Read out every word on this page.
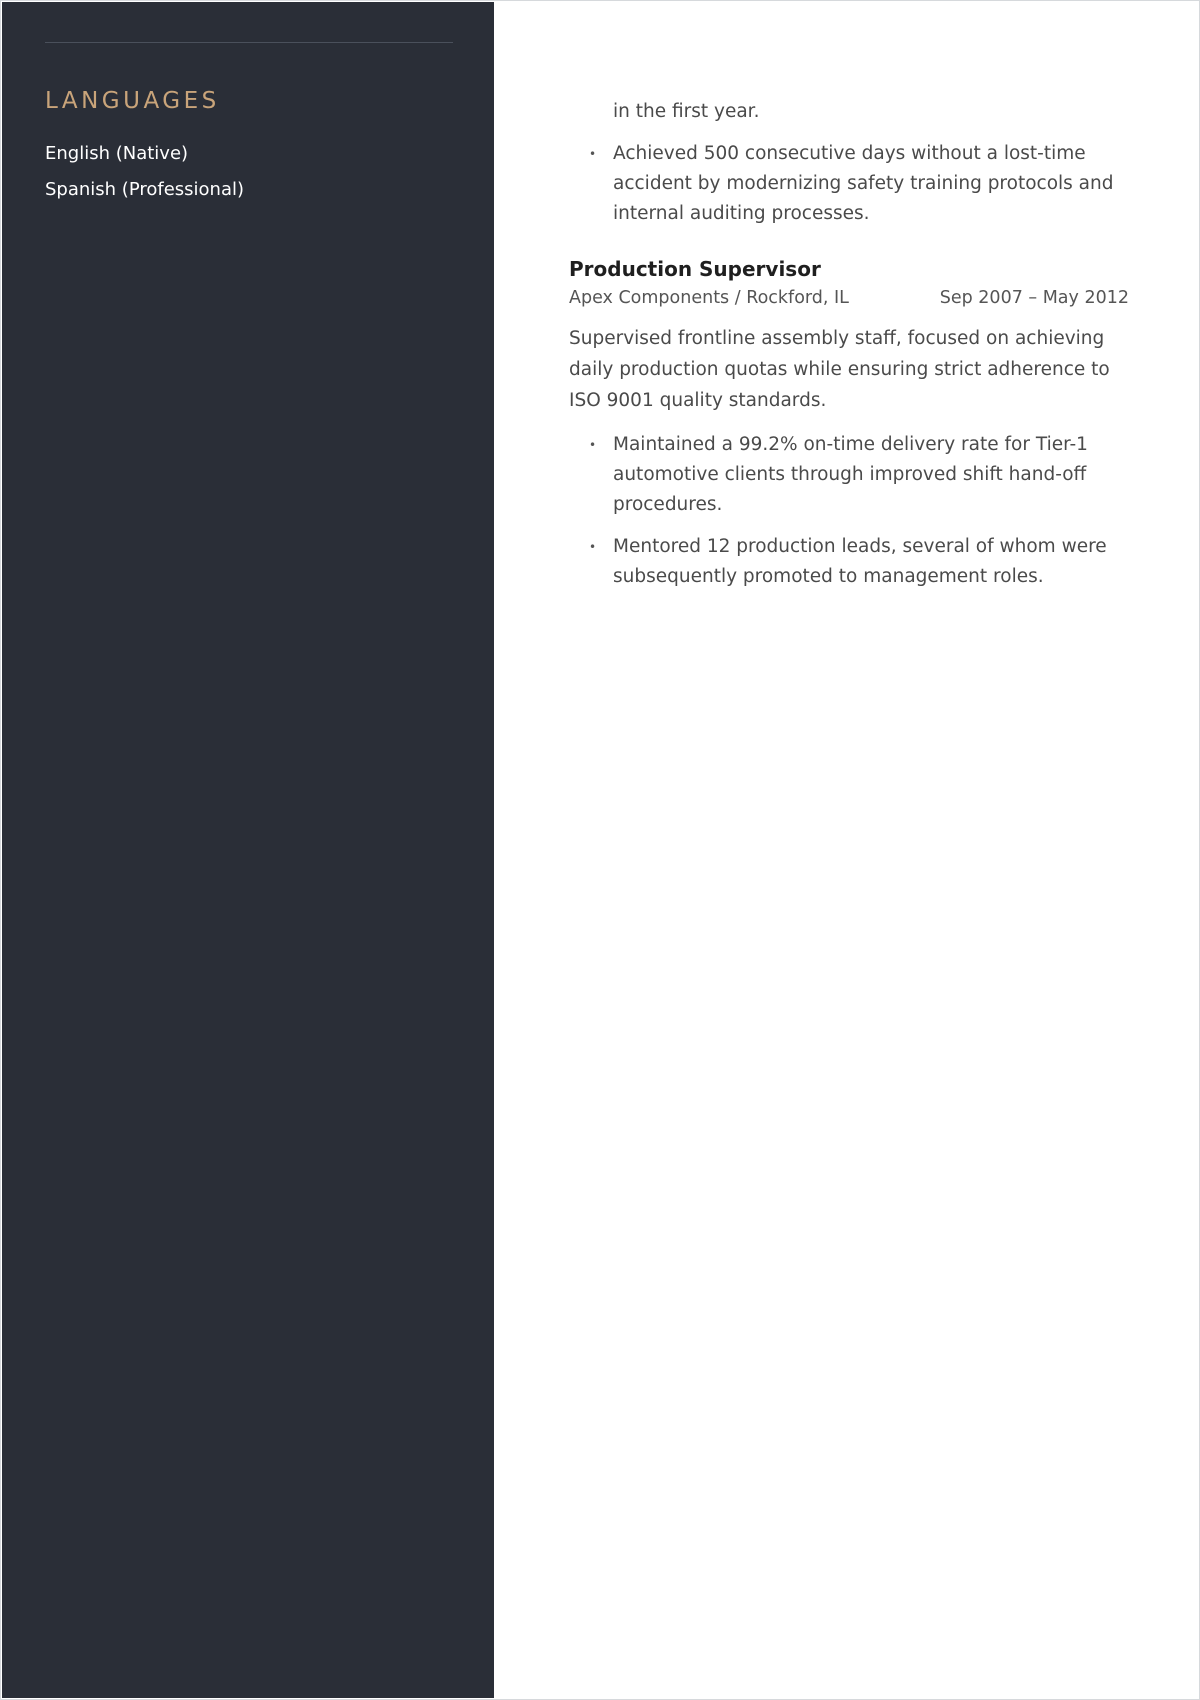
LANGUAGES
English (Native)
Spanish (Professional)
in the first year.
• Achieved 500 consecutive days without a lost-time accident by modernizing safety training protocols and internal auditing processes.
Production Supervisor
Apex Components / Rockford, IL	Sep 2007 – May 2012

Supervised frontline assembly staff, focused on achieving daily production quotas while ensuring strict adherence to ISO 9001 quality standards.

• Maintained a 99.2% on-time delivery rate for Tier-1 automotive clients through improved shift hand-off procedures.
• Mentored 12 production leads, several of whom were subsequently promoted to management roles.
